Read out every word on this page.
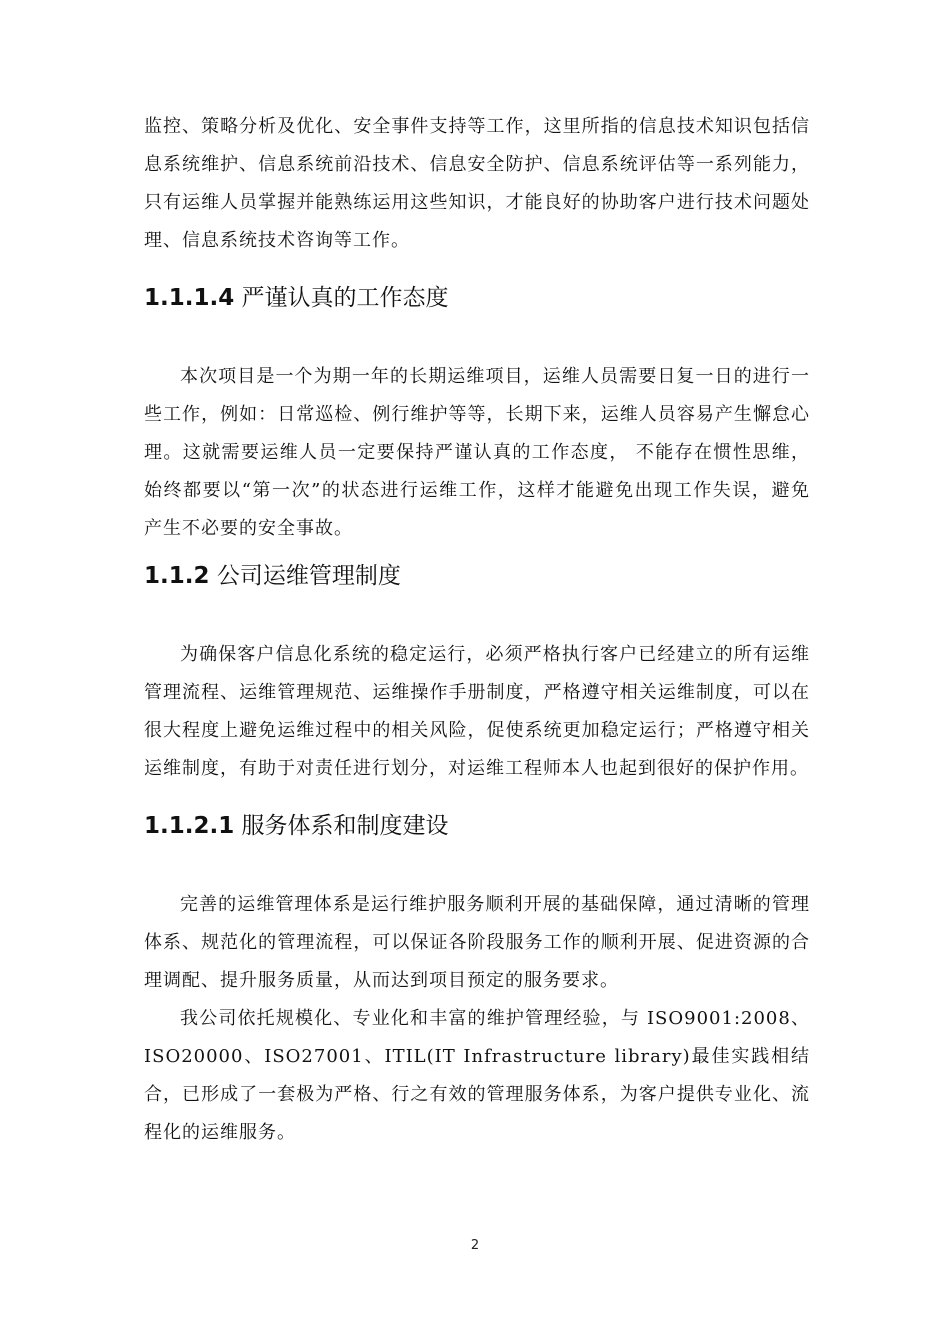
监控、策略分析及优化、安全事件支持等工作，这里所指的信息技术知识包括信息系统维护、信息系统前沿技术、信息安全防护、信息系统评估等一系列能力，只有运维人员掌握并能熟练运用这些知识，才能良好的协助客户进行技术问题处理、信息系统技术咨询等工作。

1.1.1.4 严谨认真的工作态度

本次项目是一个为期一年的长期运维项目，运维人员需要日复一日的进行一些工作，例如：日常巡检、例行维护等等，长期下来，运维人员容易产生懈怠心理。这就需要运维人员一定要保持严谨认真的工作态度， 不能存在惯性思维，始终都要以“第一次”的状态进行运维工作，这样才能避免出现工作失误，避免产生不必要的安全事故。

1.1.2 公司运维管理制度

为确保客户信息化系统的稳定运行，必须严格执行客户已经建立的所有运维管理流程、运维管理规范、运维操作手册制度，严格遵守相关运维制度，可以在很大程度上避免运维过程中的相关风险，促使系统更加稳定运行；严格遵守相关运维制度，有助于对责任进行划分，对运维工程师本人也起到很好的保护作用。

1.1.2.1 服务体系和制度建设

完善的运维管理体系是运行维护服务顺利开展的基础保障，通过清晰的管理体系、规范化的管理流程，可以保证各阶段服务工作的顺利开展、促进资源的合理调配、提升服务质量，从而达到项目预定的服务要求。

我公司依托规模化、专业化和丰富的维护管理经验，与 ISO9001:2008、ISO20000、ISO27001、ITIL(IT Infrastructure library)最佳实践相结合，已形成了一套极为严格、行之有效的管理服务体系，为客户提供专业化、流程化的运维服务。

2
